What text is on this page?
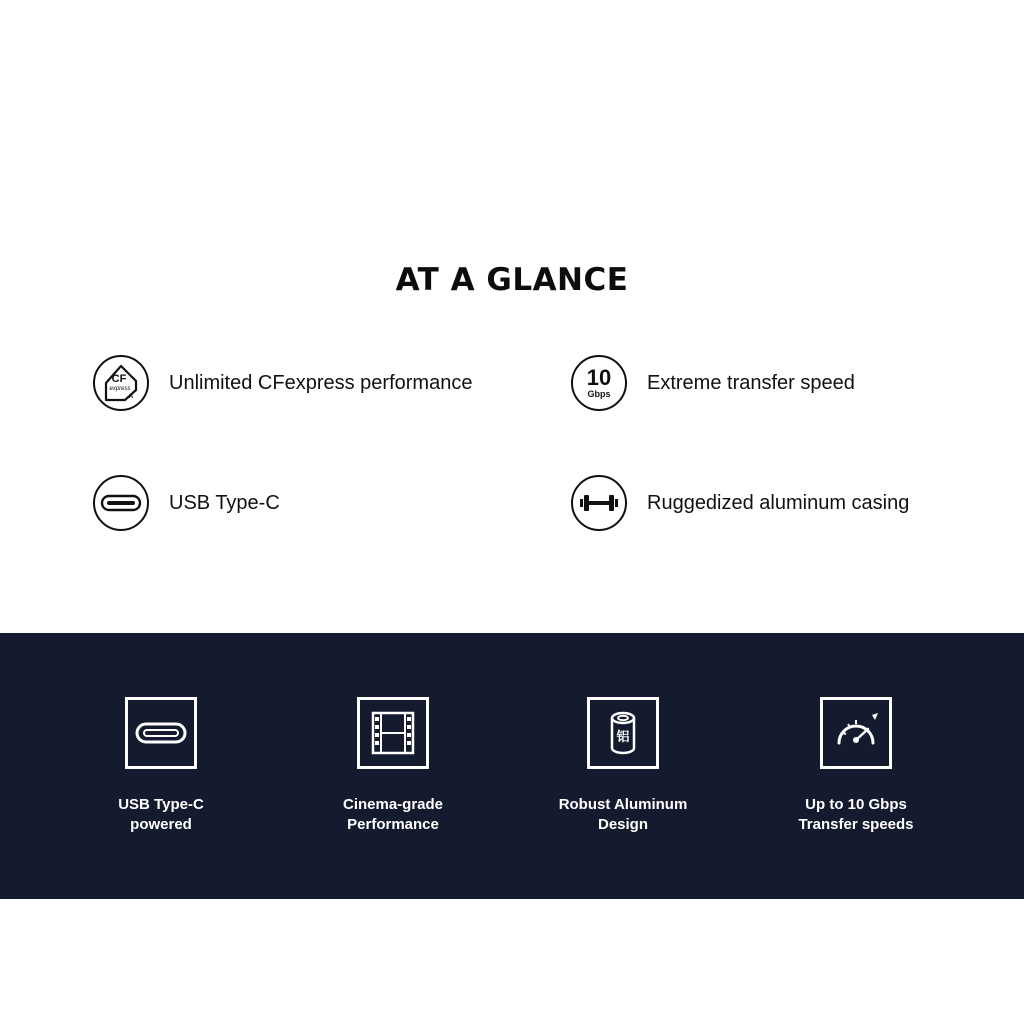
AT A GLANCE
CF
express
A
Unlimited CFexpress performance	10
Gbps
Extreme transfer speed
USB Type-C	Ruggedized aluminum casing
USB Type-C
powered
Cinema-grade
Performance
铝
Robust Aluminum
Design
Up to 10 Gbps
Transfer speeds
